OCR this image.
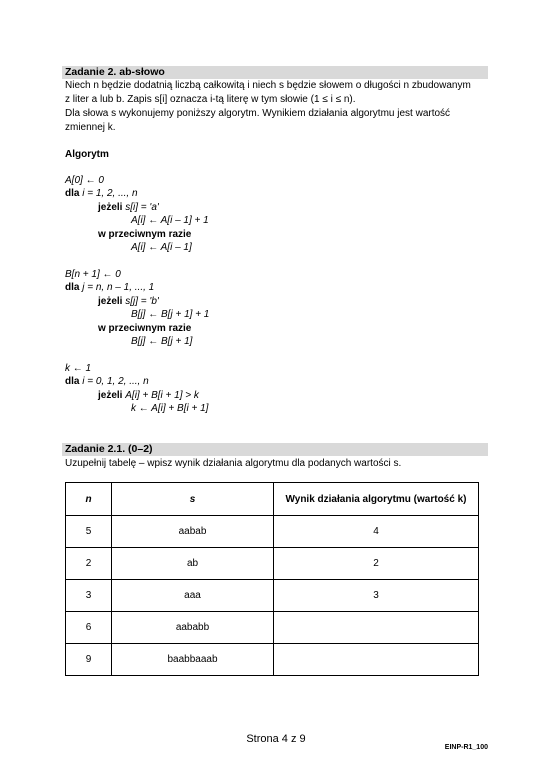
Zadanie 2. ab-słowo
Niech n będzie dodatnią liczbą całkowitą i niech s będzie słowem o długości n zbudowanym
z liter a lub b. Zapis s[i] oznacza i-tą literę w tym słowie (1 ≤ i ≤ n).
Dla słowa s wykonujemy poniższy algorytm. Wynikiem działania algorytmu jest wartość
zmiennej k.
Algorytm
A[0] ← 0
dla i = 1, 2, ..., n
jeżeli s[i] = 'a'
A[i] ← A[i – 1] + 1
w przeciwnym razie
A[i] ← A[i – 1]
B[n + 1] ← 0
dla j = n, n – 1, ..., 1
jeżeli s[j] = 'b'
B[j] ← B[j + 1] + 1
w przeciwnym razie
B[j] ← B[j + 1]
k ← 1
dla i = 0, 1, 2, ..., n
jeżeli A[i] + B[i + 1] > k
k ← A[i] + B[i + 1]
Zadanie 2.1. (0–2)
Uzupełnij tabelę – wpisz wynik działania algorytmu dla podanych wartości s.
n	s	Wynik działania algorytmu (wartość k)
5	aabab	4
2	ab	2
3	aaa	3
6	aababb	
9	baabbaaab	
Strona 4 z 9
EINP-R1_100
